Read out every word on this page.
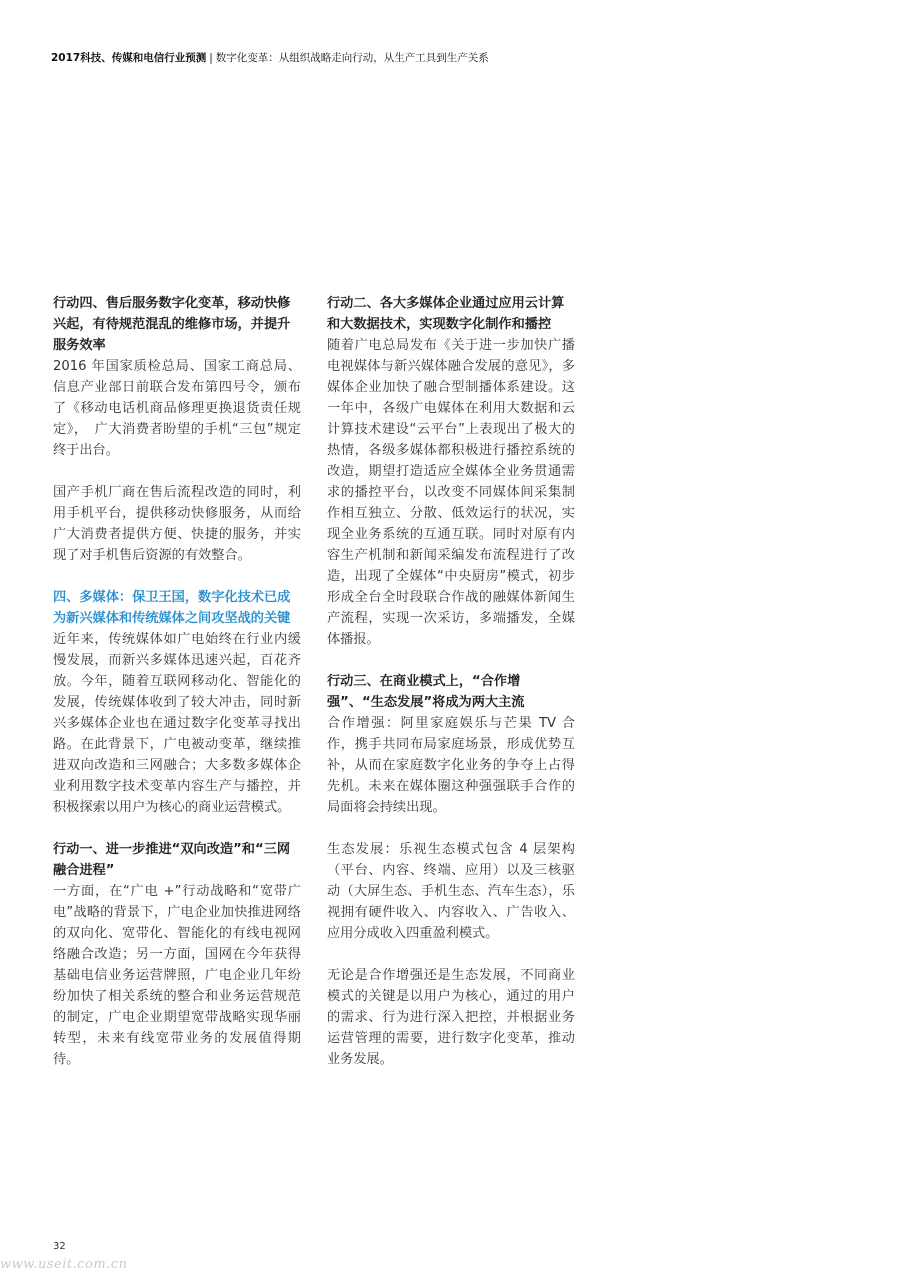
2017科技、传媒和电信行业预测 | 数字化变革：从组织战略走向行动，从生产工具到生产关系
行动四、售后服务数字化变革，移动快修兴起，有待规范混乱的维修市场，并提升服务效率
2016 年国家质检总局、国家工商总局、信息产业部日前联合发布第四号令，颁布了《移动电话机商品修理更换退货责任规定》，　广大消费者盼望的手机“三包”规定终于出台。
国产手机厂商在售后流程改造的同时，利用手机平台，提供移动快修服务，从而给广大消费者提供方便、快捷的服务，并实现了对手机售后资源的有效整合。
四、多媒体：保卫王国，数字化技术已成为新兴媒体和传统媒体之间攻坚战的关键
近年来，传统媒体如广电始终在行业内缓慢发展，而新兴多媒体迅速兴起，百花齐放。今年，随着互联网移动化、智能化的发展，传统媒体收到了较大冲击，同时新兴多媒体企业也在通过数字化变革寻找出路。在此背景下，广电被动变革，继续推进双向改造和三网融合；大多数多媒体企业利用数字技术变革内容生产与播控，并积极探索以用户为核心的商业运营模式。
行动一、进一步推进“双向改造”和“三网融合进程”
一方面，在“广电 +”行动战略和“宽带广电”战略的背景下，广电企业加快推进网络的双向化、宽带化、智能化的有线电视网络融合改造；另一方面，国网在今年获得基础电信业务运营牌照，广电企业几年纷纷加快了相关系统的整合和业务运营规范的制定，广电企业期望宽带战略实现华丽转型，未来有线宽带业务的发展值得期待。
行动二、各大多媒体企业通过应用云计算和大数据技术，实现数字化制作和播控
随着广电总局发布《关于进一步加快广播电视媒体与新兴媒体融合发展的意见》，多媒体企业加快了融合型制播体系建设。这一年中，各级广电媒体在利用大数据和云计算技术建设“云平台”上表现出了极大的热情，各级多媒体都积极进行播控系统的改造，期望打造适应全媒体全业务贯通需求的播控平台，以改变不同媒体间采集制作相互独立、分散、低效运行的状况，实现全业务系统的互通互联。同时对原有内容生产机制和新闻采编发布流程进行了改造，出现了全媒体“中央厨房”模式，初步形成全台全时段联合作战的融媒体新闻生产流程，实现一次采访，多端播发，全媒体播报。
行动三、在商业模式上，“合作增强”、“生态发展”将成为两大主流
合作增强：阿里家庭娱乐与芒果 TV 合作，携手共同布局家庭场景，形成优势互补，从而在家庭数字化业务的争夺上占得先机。未来在媒体圈这种强强联手合作的局面将会持续出现。
生态发展：乐视生态模式包含 4 层架构（平台、内容、终端、应用）以及三核驱动（大屏生态、手机生态、汽车生态），乐视拥有硬件收入、内容收入、广告收入、应用分成收入四重盈利模式。
无论是合作增强还是生态发展，不同商业模式的关键是以用户为核心，通过的用户的需求、行为进行深入把控，并根据业务运营管理的需要，进行数字化变革，推动业务发展。
32
www.useit.com.cn
